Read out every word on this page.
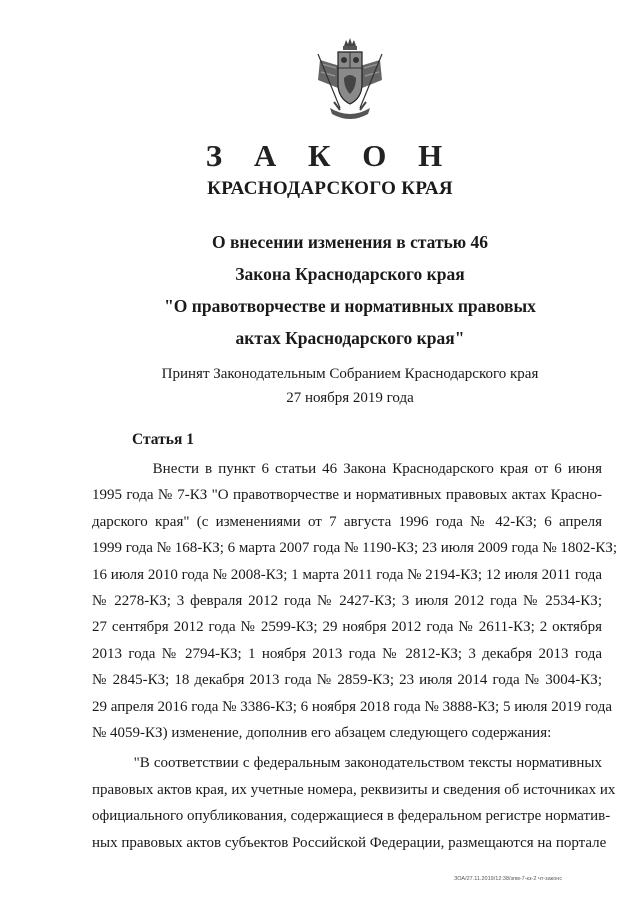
З А К О Н
КРАСНОДАРСКОГО КРАЯ
О внесении изменения в статью 46
Закона Краснодарского края
"О правотворчестве и нормативных правовых
актах Краснодарского края"
Принят Законодательным Собранием Краснодарского края
27 ноября 2019 года
Статья 1
Внести в пункт 6 статьи 46 Закона Краснодарского края от 6 июня
1995 года № 7-КЗ "О правотворчестве и нормативных правовых актах Красно-
дарского края" (с изменениями от 7 августа 1996 года № 42-КЗ; 6 апреля
1999 года № 168-КЗ; 6 марта 2007 года № 1190-КЗ; 23 июля 2009 года № 1802-КЗ;
16 июля 2010 года № 2008-КЗ; 1 марта 2011 года № 2194-КЗ; 12 июля 2011 года
№ 2278-КЗ; 3 февраля 2012 года № 2427-КЗ; 3 июля 2012 года № 2534-КЗ;
27 сентября 2012 года № 2599-КЗ; 29 ноября 2012 года № 2611-КЗ; 2 октября
2013 года № 2794-КЗ; 1 ноября 2013 года № 2812-КЗ; 3 декабря 2013 года
№ 2845-КЗ; 18 декабря 2013 года № 2859-КЗ; 23 июля 2014 года № 3004-КЗ;
29 апреля 2016 года № 3386-КЗ; 6 ноября 2018 года № 3888-КЗ; 5 июля 2019 года
№ 4059-КЗ) изменение, дополнив его абзацем следующего содержания:
"В соответствии с федеральным законодательством тексты нормативных
правовых актов края, их учетные номера, реквизиты и сведения об источниках их
официального опубликования, содержащиеся в федеральном регистре норматив-
ных правовых актов субъектов Российской Федерации, размещаются на портале
ЗОА/27.11.2019/12:38/зпм-7-кз-2 чт-законс
